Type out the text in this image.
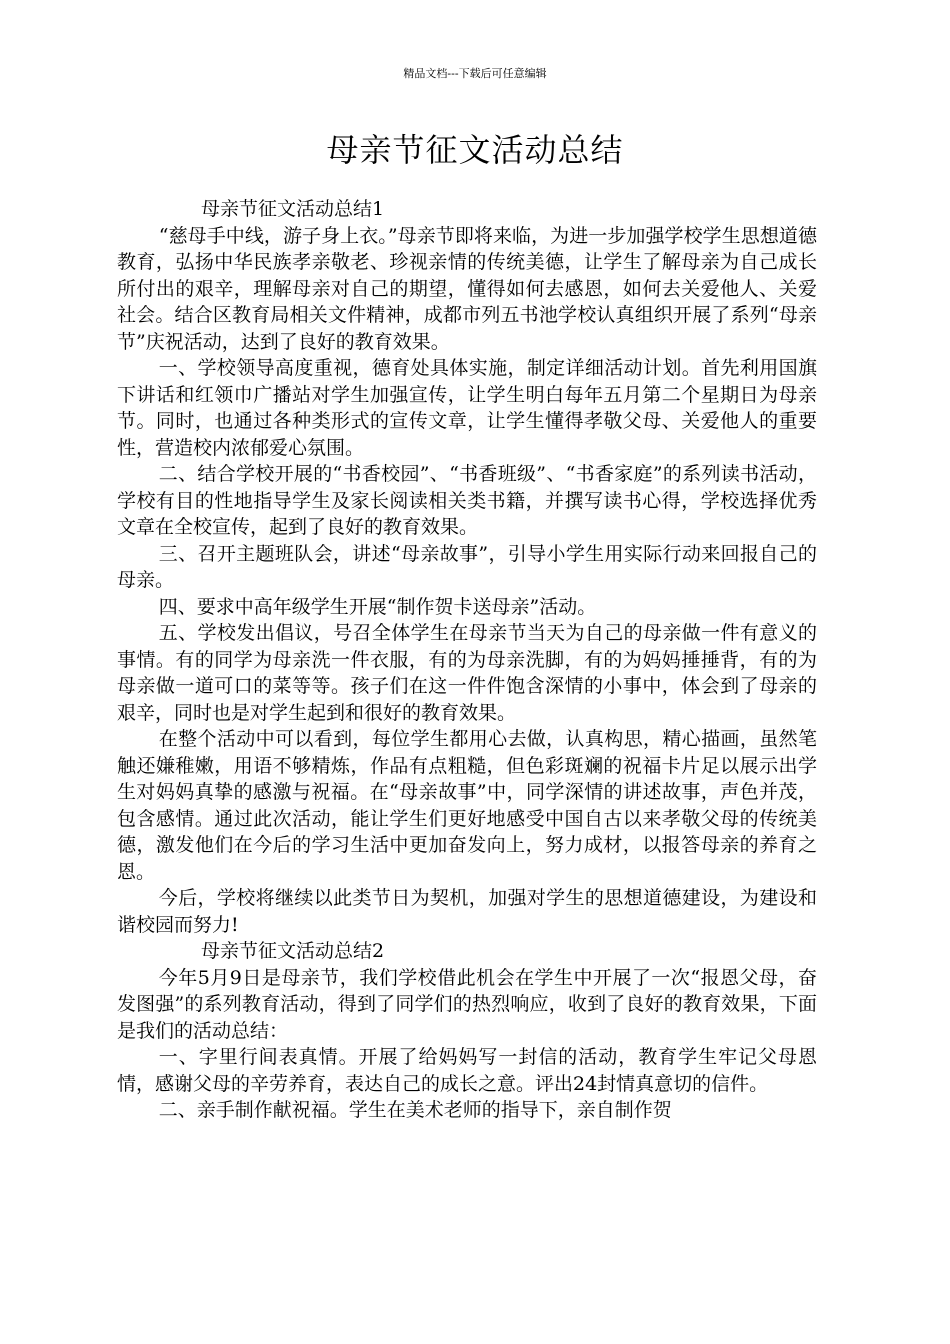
精品文档---下载后可任意编辑
母亲节征文活动总结

母亲节征文活动总结1

“慈母手中线，游子身上衣。”母亲节即将来临，为进一步加强学校学生思想道德教育，弘扬中华民族孝亲敬老、珍视亲情的传统美德，让学生了解母亲为自己成长所付出的艰辛，理解母亲对自己的期望，懂得如何去感恩，如何去关爱他人、关爱社会。结合区教育局相关文件精神，成都市列五书池学校认真组织开展了系列“母亲节”庆祝活动，达到了良好的教育效果。

一、学校领导高度重视，德育处具体实施，制定详细活动计划。首先利用国旗下讲话和红领巾广播站对学生加强宣传，让学生明白每年五月第二个星期日为母亲节。同时，也通过各种类形式的宣传文章，让学生懂得孝敬父母、关爱他人的重要性，营造校内浓郁爱心氛围。

二、结合学校开展的“书香校园”、“书香班级”、“书香家庭”的系列读书活动，学校有目的性地指导学生及家长阅读相关类书籍，并撰写读书心得，学校选择优秀文章在全校宣传，起到了良好的教育效果。

三、召开主题班队会，讲述“母亲故事”，引导小学生用实际行动来回报自己的母亲。

四、要求中高年级学生开展“制作贺卡送母亲”活动。

五、学校发出倡议，号召全体学生在母亲节当天为自己的母亲做一件有意义的事情。有的同学为母亲洗一件衣服，有的为母亲洗脚，有的为妈妈捶捶背，有的为母亲做一道可口的菜等等。孩子们在这一件件饱含深情的小事中，体会到了母亲的艰辛，同时也是对学生起到和很好的教育效果。

在整个活动中可以看到，每位学生都用心去做，认真构思，精心描画，虽然笔触还嫌稚嫩，用语不够精炼，作品有点粗糙，但色彩斑斓的祝福卡片足以展示出学生对妈妈真挚的感激与祝福。在“母亲故事”中，同学深情的讲述故事，声色并茂，包含感情。通过此次活动，能让学生们更好地感受中国自古以来孝敬父母的传统美德，激发他们在今后的学习生活中更加奋发向上，努力成材，以报答母亲的养育之恩。

今后，学校将继续以此类节日为契机，加强对学生的思想道德建设，为建设和谐校园而努力!

母亲节征文活动总结2

今年5月9日是母亲节，我们学校借此机会在学生中开展了一次“报恩父母，奋发图强”的系列教育活动，得到了同学们的热烈响应，收到了良好的教育效果，下面是我们的活动总结：

一、字里行间表真情。开展了给妈妈写一封信的活动，教育学生牢记父母恩情，感谢父母的辛劳养育，表达自己的成长之意。评出24封情真意切的信件。

二、亲手制作献祝福。学生在美术老师的指导下，亲自制作贺
